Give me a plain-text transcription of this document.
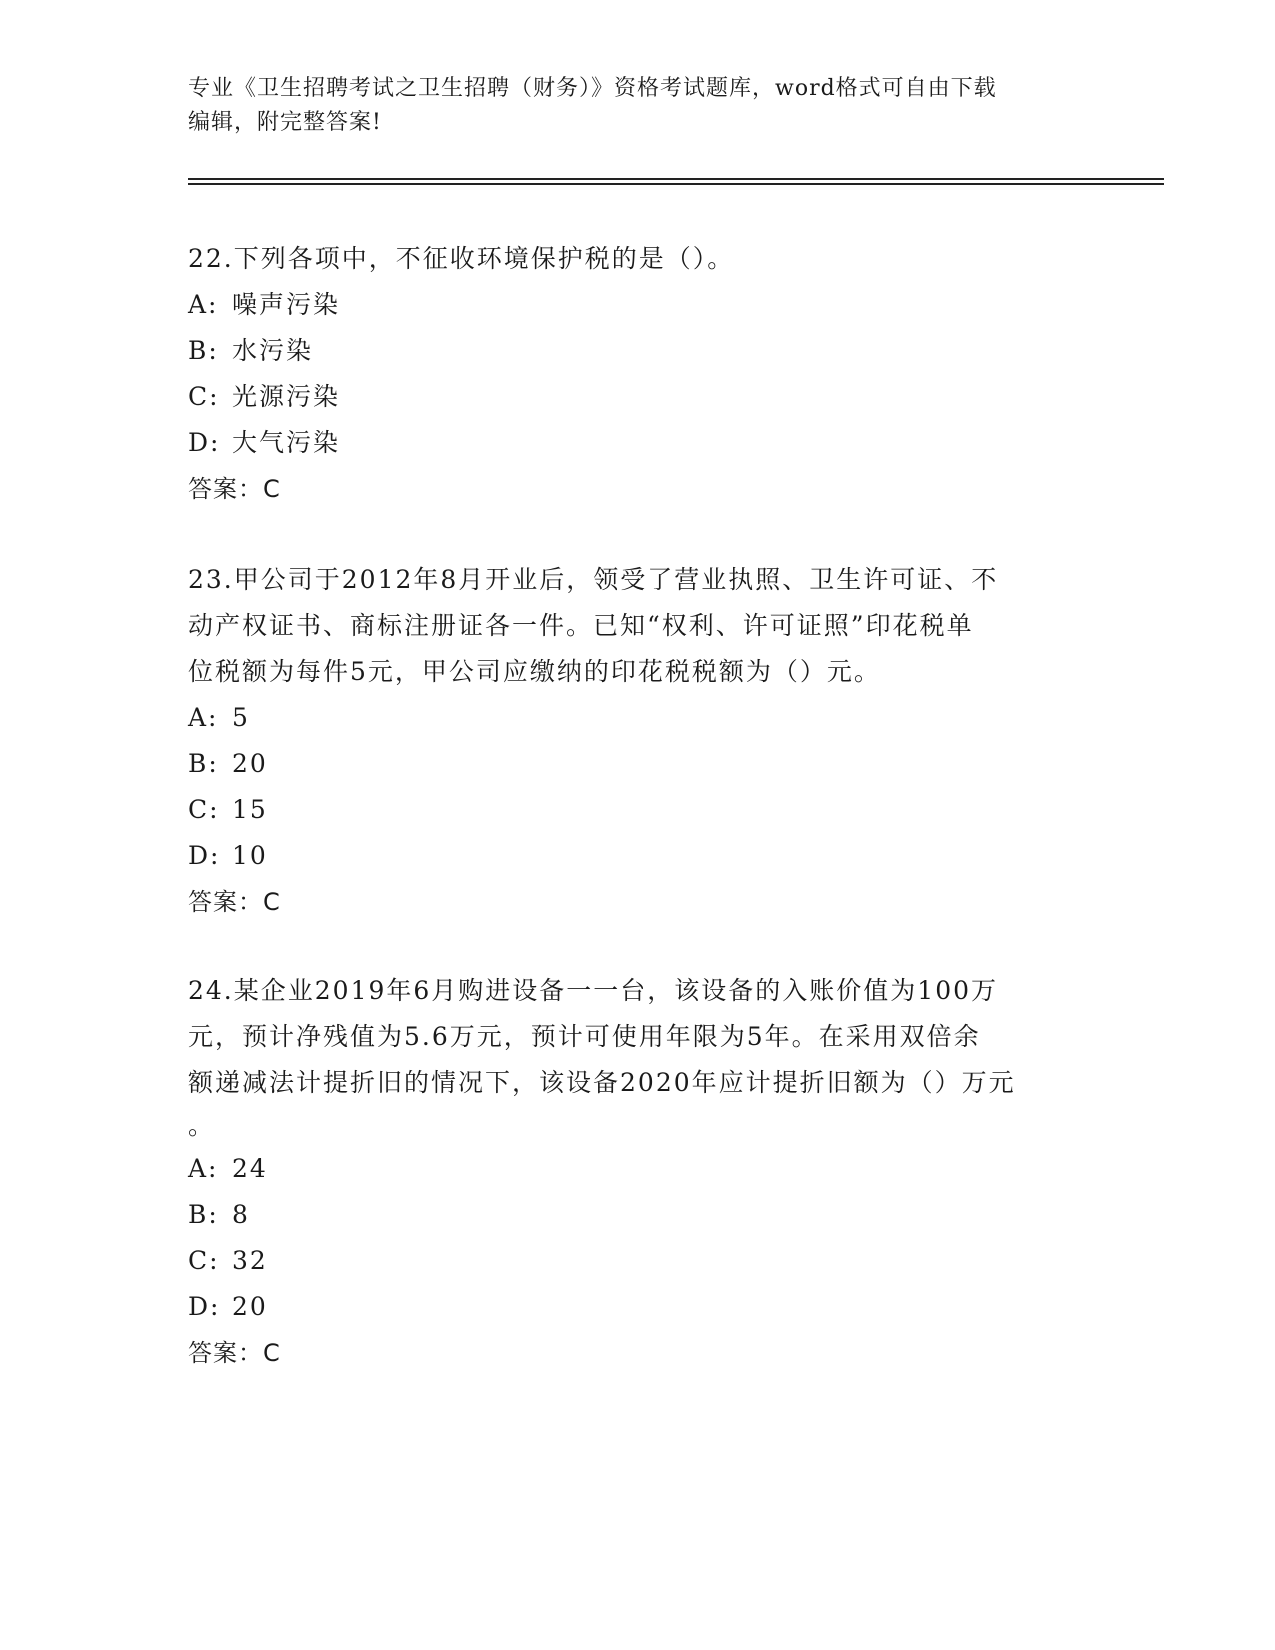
专业《卫生招聘考试之卫生招聘（财务）》资格考试题库，word格式可自由下载
编辑，附完整答案!

22.下列各项中，不征收环境保护税的是（）。

A: 噪声污染

B: 水污染

C: 光源污染

D: 大气污染

答案：C

23.甲公司于2012年8月开业后，领受了营业执照、卫生许可证、不

动产权证书、商标注册证各一件。已知“权利、许可证照”印花税单

位税额为每件5元，甲公司应缴纳的印花税税额为（）元。

A: 5

B: 20

C: 15

D: 10

答案：C

24.某企业2019年6月购进设备一一台，该设备的入账价值为100万

元，预计净残值为5.6万元，预计可使用年限为5年。在采用双倍余

额递减法计提折旧的情况下，该设备2020年应计提折旧额为（）万元

。

A: 24

B: 8

C: 32

D: 20

答案：C
